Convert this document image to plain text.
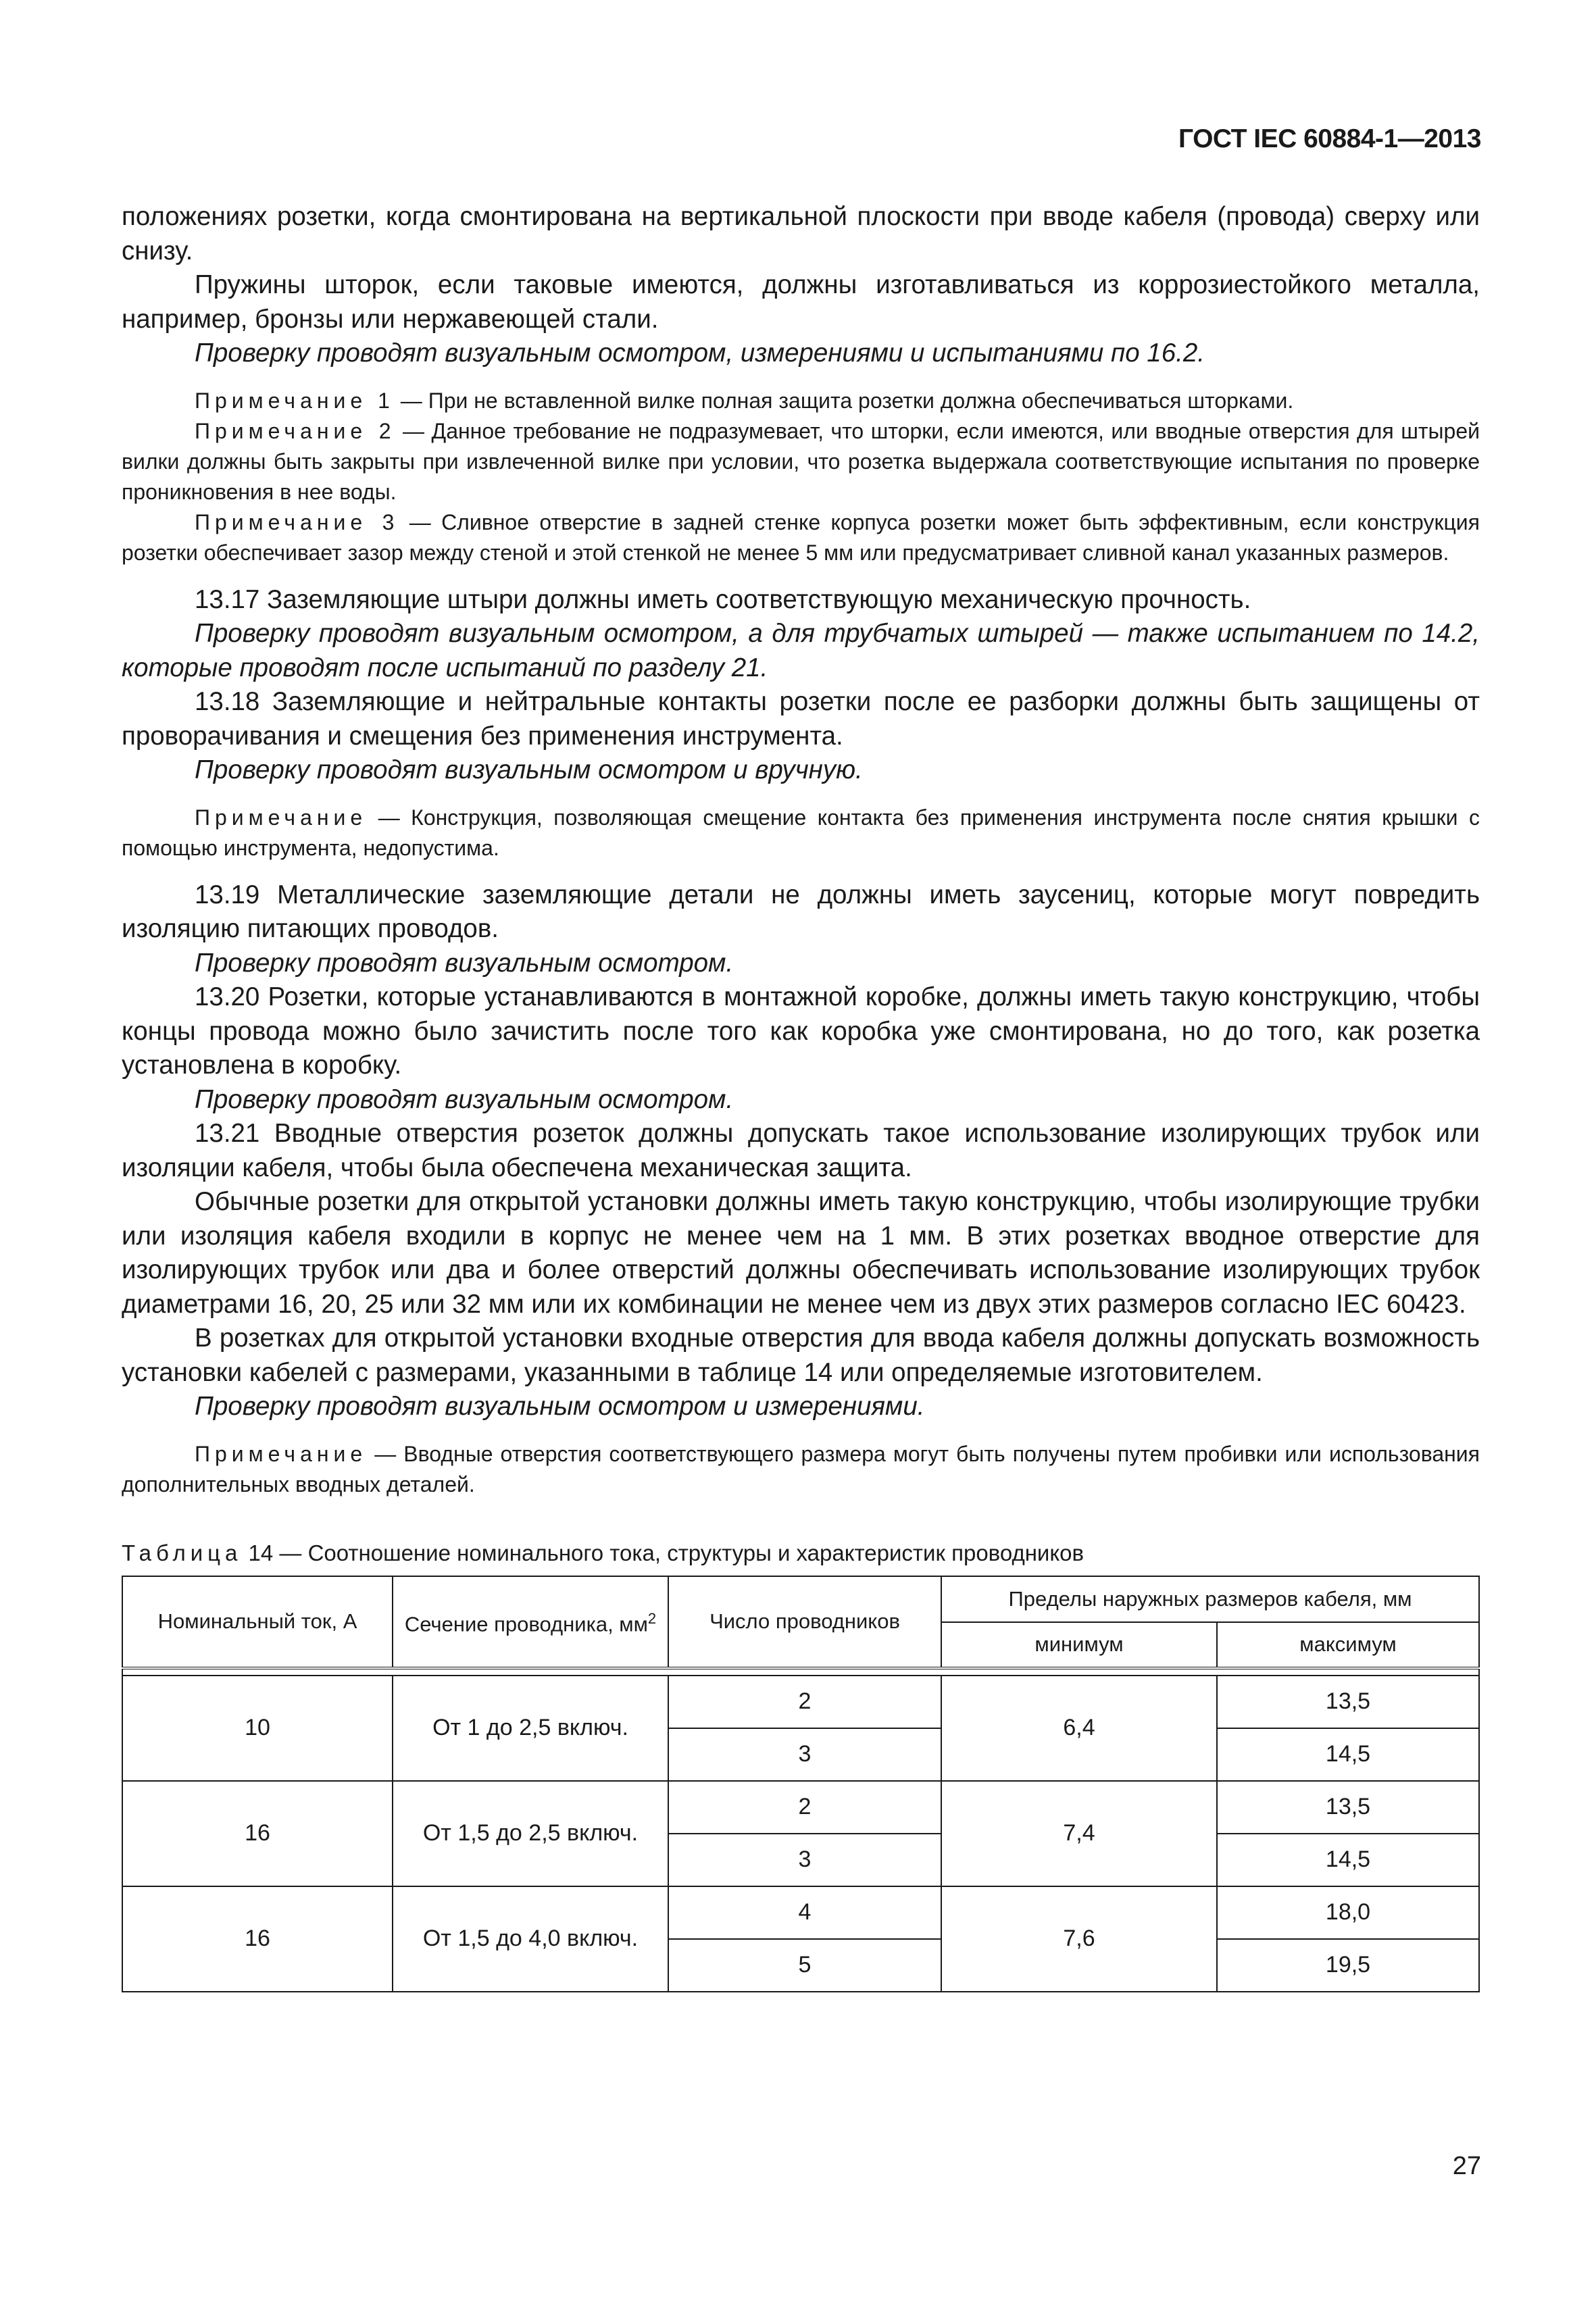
ГОСТ IEC 60884-1—2013

положениях розетки, когда смонтирована на вертикальной плоскости при вводе кабеля (провода) сверху или снизу.

Пружины шторок, если таковые имеются, должны изготавливаться из коррозиестойкого металла, например, бронзы или нержавеющей стали.

Проверку проводят визуальным осмотром, измерениями и испытаниями по 16.2.

Примечание 1 — При не вставленной вилке полная защита розетки должна обеспечиваться шторками.

Примечание 2 — Данное требование не подразумевает, что шторки, если имеются, или вводные отверстия для штырей вилки должны быть закрыты при извлеченной вилке при условии, что розетка выдержала соответствующие испытания по проверке проникновения в нее воды.

Примечание 3 — Сливное отверстие в задней стенке корпуса розетки может быть эффективным, если конструкция розетки обеспечивает зазор между стеной и этой стенкой не менее 5 мм или предусматривает сливной канал указанных размеров.

13.17 Заземляющие штыри должны иметь соответствующую механическую прочность.

Проверку проводят визуальным осмотром, а для трубчатых штырей — также испытанием по 14.2, которые проводят после испытаний по разделу 21.

13.18 Заземляющие и нейтральные контакты розетки после ее разборки должны быть защищены от проворачивания и смещения без применения инструмента.

Проверку проводят визуальным осмотром и вручную.

Примечание — Конструкция, позволяющая смещение контакта без применения инструмента после снятия крышки с помощью инструмента, недопустима.

13.19 Металлические заземляющие детали не должны иметь заусениц, которые могут повредить изоляцию питающих проводов.

Проверку проводят визуальным осмотром.

13.20 Розетки, которые устанавливаются в монтажной коробке, должны иметь такую конструкцию, чтобы концы провода можно было зачистить после того как коробка уже смонтирована, но до того, как розетка установлена в коробку.

Проверку проводят визуальным осмотром.

13.21 Вводные отверстия розеток должны допускать такое использование изолирующих трубок или изоляции кабеля, чтобы была обеспечена механическая защита.

Обычные розетки для открытой установки должны иметь такую конструкцию, чтобы изолирующие трубки или изоляция кабеля входили в корпус не менее чем на 1 мм. В этих розетках вводное отверстие для изолирующих трубок или два и более отверстий должны обеспечивать использование изолирующих трубок диаметрами 16, 20, 25 или 32 мм или их комбинации не менее чем из двух этих размеров согласно IEC 60423.

В розетках для открытой установки входные отверстия для ввода кабеля должны допускать возможность установки кабелей с размерами, указанными в таблице 14 или определяемые изготовителем.

Проверку проводят визуальным осмотром и измерениями.

Примечание — Вводные отверстия соответствующего размера могут быть получены путем пробивки или использования дополнительных вводных деталей.

Таблица 14 — Соотношение номинального тока, структуры и характеристик проводников
Номинальный ток, А	Сечение проводника, $мм^2$	Число проводников	Пределы наружных размеров кабеля, мм	
			минимум	максимум

10	От 1 до 2,5 включ.	2	6,4	13,5
		3		14,5
16	От 1,5 до 2,5 включ.	2	7,4	13,5
		3		14,5
16	От 1,5 до 4,0 включ.	4	7,6	18,0
		5		19,5
27
